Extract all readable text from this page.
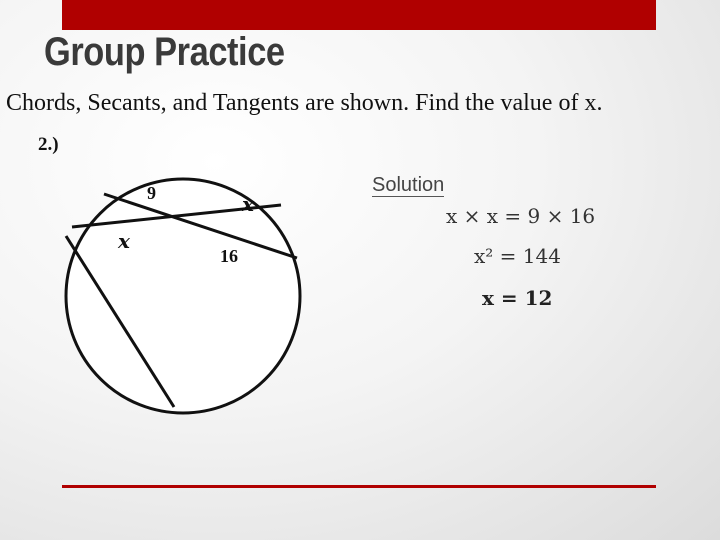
Group Practice
Chords, Secants, and Tangents are shown. Find the value of x.
2.)
9	x
x
16
Solution
x × x = 9 × 16
x² = 144
x = 12
